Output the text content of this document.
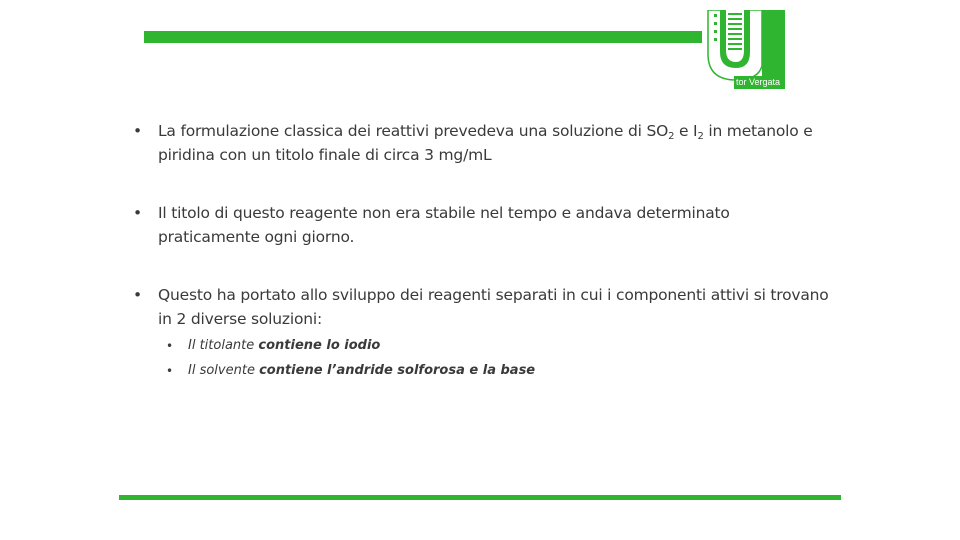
tor Vergata
• La formulazione classica dei reattivi prevedeva una soluzione di $SO_2$ e $I_2$ in metanolo e piridina con un titolo finale di circa 3 mg/mL
• Il titolo di questo reagente non era stabile nel tempo e andava determinato praticamente ogni giorno.
• Questo ha portato allo sviluppo dei reagenti separati in cui i componenti attivi si trovano in 2 diverse soluzioni:
• Il titolante contiene lo iodio
• Il solvente contiene l’andride solforosa e la base
